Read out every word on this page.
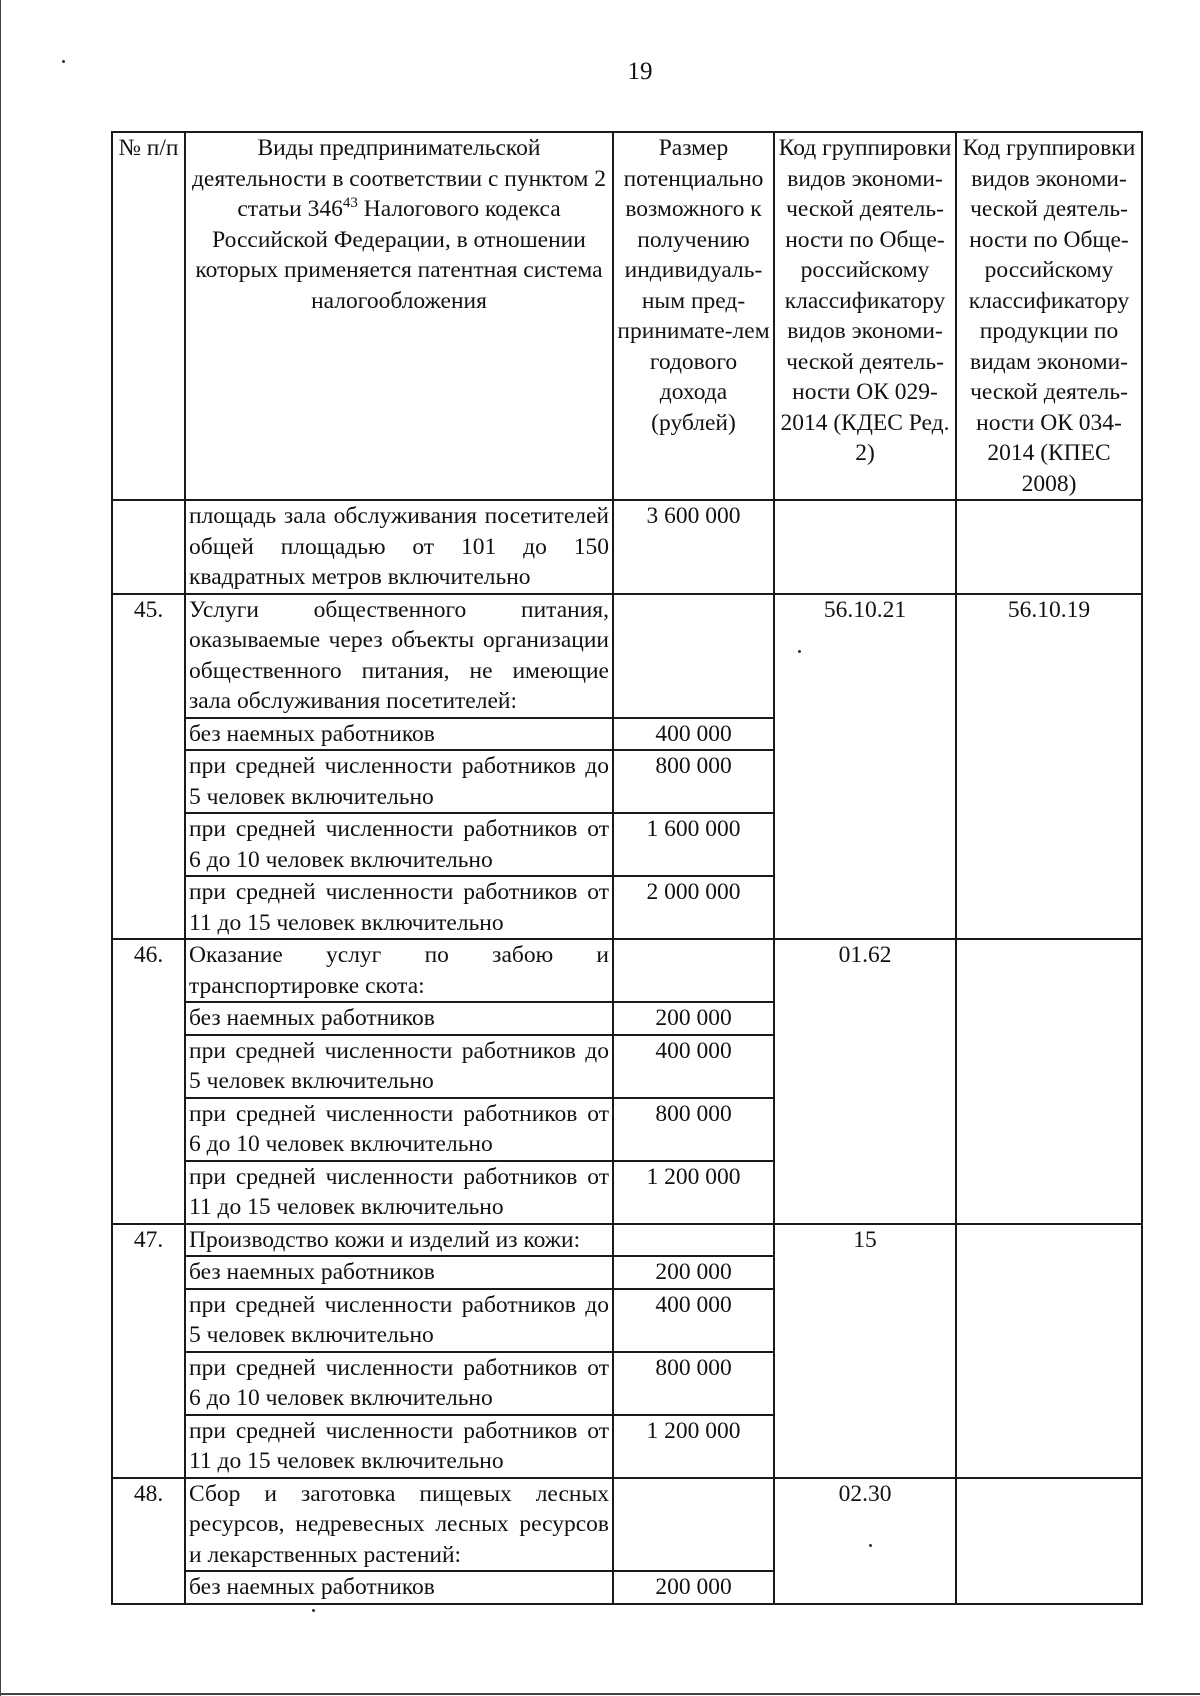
19
№ п/п	Виды предпринимательской деятельности в соответствии с пунктом 2 статьи $346^{43}$ Налогового кодекса Российской Федерации, в отношении которых применяется патентная система налогообложения	Размер потенциально возможного к получению индивидуаль-ным пред-принимате-лем годового дохода (рублей)	Код группировки видов экономи-ческой деятель-ности по Обще-российскому классификатору видов экономи-ческой деятель-ности ОК 029-2014 (КДЕС Ред. 2)	Код группировки видов экономи-ческой деятель-ности по Обще-российскому классификатору продукции по видам экономи-ческой деятель-ности ОК 034-2014 (КПЕС 2008)
	площадь зала обслуживания посетителей общей площадью от 101 до 150 квадратных метров включительно	3 600 000		
45.	Услуги общественного питания, оказываемые через объекты организации общественного питания, не имеющие зала обслуживания посетителей:		56.10.21	56.10.19
	без наемных работников	400 000		
	при средней численности работников до 5 человек включительно	800 000		
	при средней численности работников от 6 до 10 человек включительно	1 600 000		
	при средней численности работников от 11 до 15 человек включительно	2 000 000		
46.	Оказание услуг по забою и транспортировке скота:		01.62	
	без наемных работников	200 000		
	при средней численности работников до 5 человек включительно	400 000		
	при средней численности работников от 6 до 10 человек включительно	800 000		
	при средней численности работников от 11 до 15 человек включительно	1 200 000		
47.	Производство кожи и изделий из кожи:		15	
	без наемных работников	200 000		
	при средней численности работников до 5 человек включительно	400 000		
	при средней численности работников от 6 до 10 человек включительно	800 000		
	при средней численности работников от 11 до 15 человек включительно	1 200 000		
48.	Сбор и заготовка пищевых лесных ресурсов, недревесных лесных ресурсов и лекарственных растений:		02.30	
	без наемных работников	200 000		
